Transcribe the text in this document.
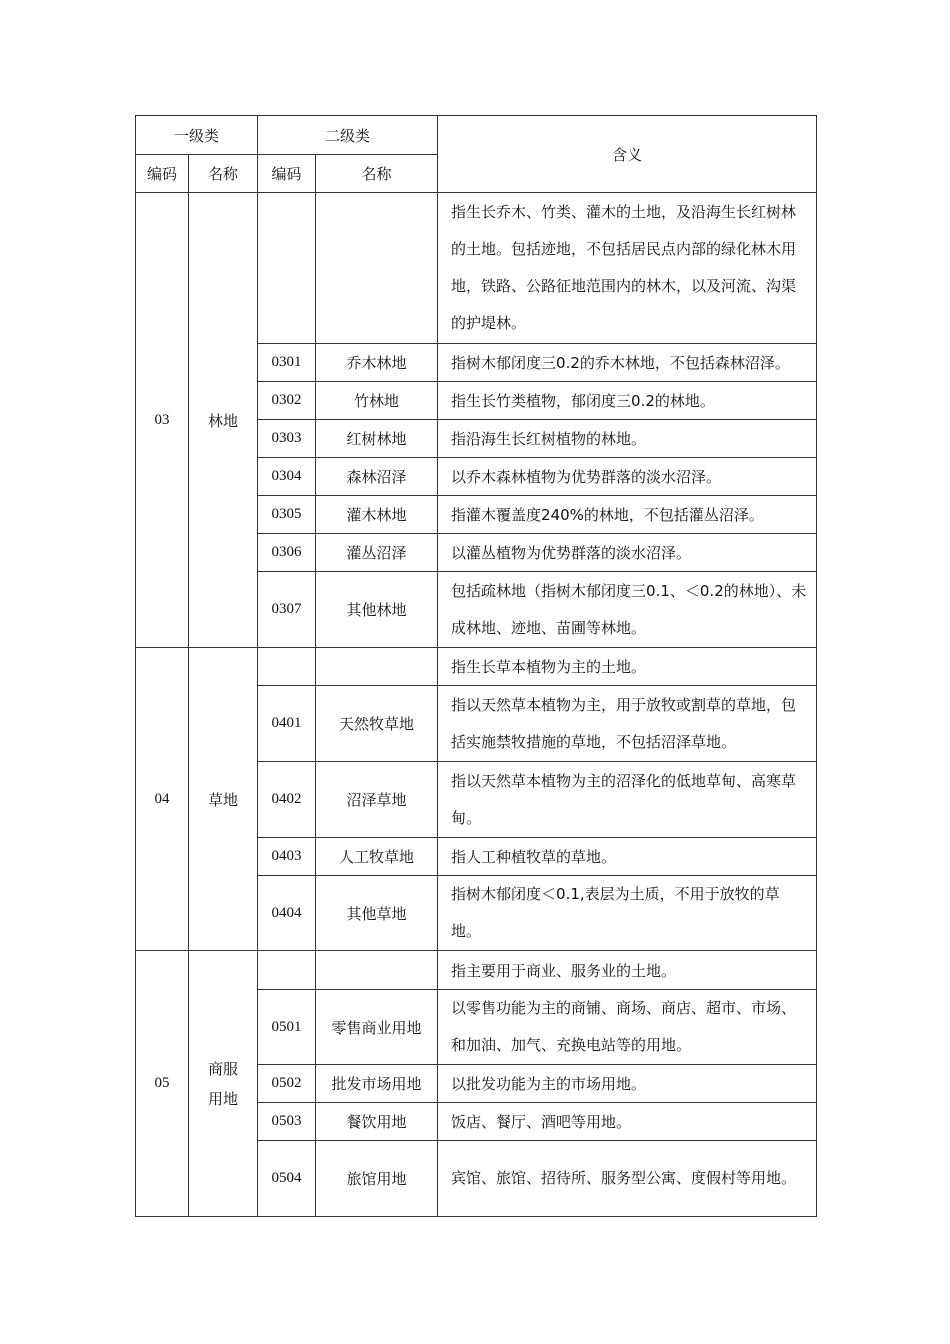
一级类		二级类		含义
编码	名称	编码	名称	
03	林地			指生长乔木、竹类、灌木的土地，及沿海生长红树林的土地。包括迹地，不包括居民点内部的绿化林木用地，铁路、公路征地范围内的林木，以及河流、沟渠的护堤林。
		0301	乔木林地	指树木郁闭度三0.2的乔木林地，不包括森林沼泽。
		0302	竹林地	指生长竹类植物，郁闭度三0.2的林地。
		0303	红树林地	指沿海生长红树植物的林地。
		0304	森林沼泽	以乔木森林植物为优势群落的淡水沼泽。
		0305	灌木林地	指灌木覆盖度240%的林地，不包括灌丛沼泽。
		0306	灌丛沼泽	以灌丛植物为优势群落的淡水沼泽。
		0307	其他林地	包括疏林地（指树木郁闭度三0.1、＜0.2的林地）、未成林地、迹地、苗圃等林地。
04	草地			指生长草本植物为主的土地。
		0401	天然牧草地	指以天然草本植物为主，用于放牧或割草的草地，包括实施禁牧措施的草地，不包括沼泽草地。
		0402	沼泽草地	指以天然草本植物为主的沼泽化的低地草甸、高寒草甸。
		0403	人工牧草地	指人工种植牧草的草地。
		0404	其他草地	指树木郁闭度＜0.1,表层为土质，不用于放牧的草地。
05	商服用地			指主要用于商业、服务业的土地。
		0501	零售商业用地	以零售功能为主的商铺、商场、商店、超市、市场、和加油、加气、充换电站等的用地。
		0502	批发市场用地	以批发功能为主的市场用地。
		0503	餐饮用地	饭店、餐厅、酒吧等用地。
		0504	旅馆用地	宾馆、旅馆、招待所、服务型公寓、度假村等用地。
